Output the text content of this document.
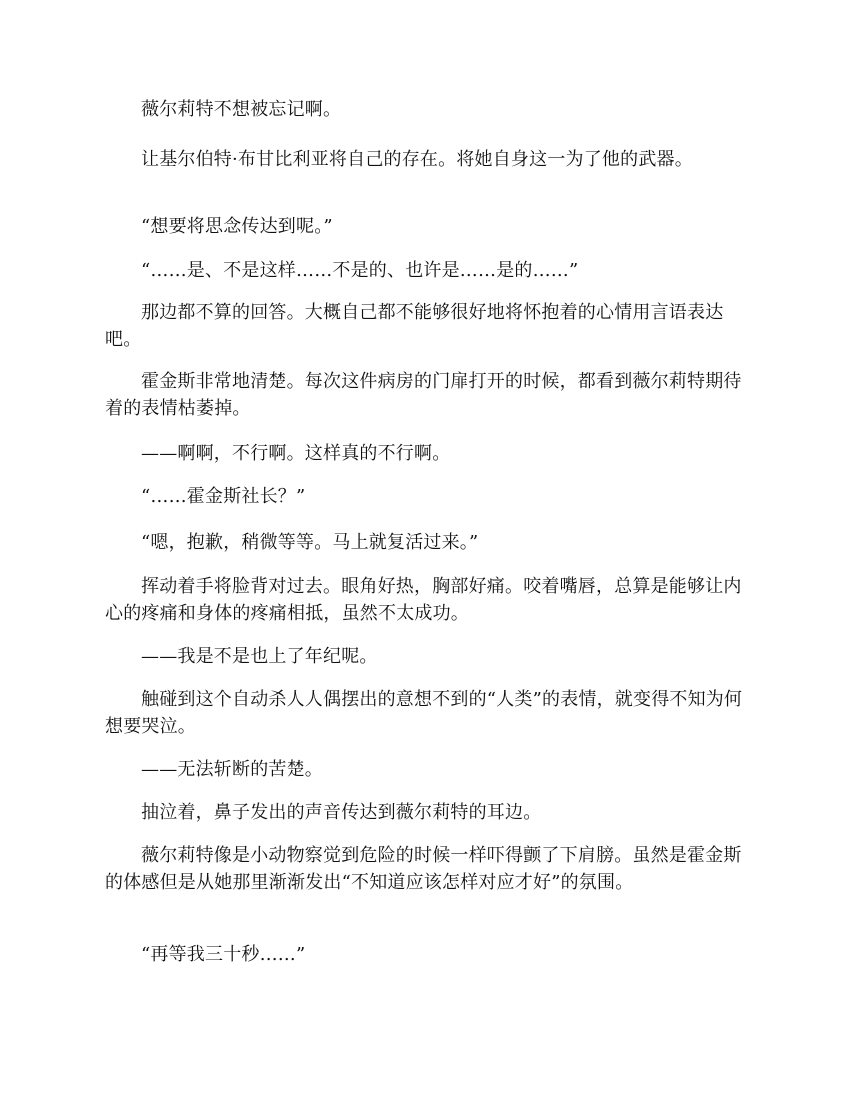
薇尔莉特不想被忘记啊。

让基尔伯特·布甘比利亚将自己的存在。将她自身这一为了他的武器。

“想要将思念传达到呢。”

“……是、不是这样……不是的、也许是……是的……”

那边都不算的回答。大概自己都不能够很好地将怀抱着的心情用言语表达吧。

霍金斯非常地清楚。每次这件病房的门扉打开的时候，都看到薇尔莉特期待着的表情枯萎掉。

——啊啊，不行啊。这样真的不行啊。

“……霍金斯社长？”

“嗯，抱歉，稍微等等。马上就复活过来。”

挥动着手将脸背对过去。眼角好热，胸部好痛。咬着嘴唇，总算是能够让内心的疼痛和身体的疼痛相抵，虽然不太成功。

——我是不是也上了年纪呢。

触碰到这个自动杀人人偶摆出的意想不到的“人类”的表情，就变得不知为何想要哭泣。

——无法斩断的苦楚。

抽泣着，鼻子发出的声音传达到薇尔莉特的耳边。

薇尔莉特像是小动物察觉到危险的时候一样吓得颤了下肩膀。虽然是霍金斯的体感但是从她那里渐渐发出“不知道应该怎样对应才好”的氛围。

“再等我三十秒……”
